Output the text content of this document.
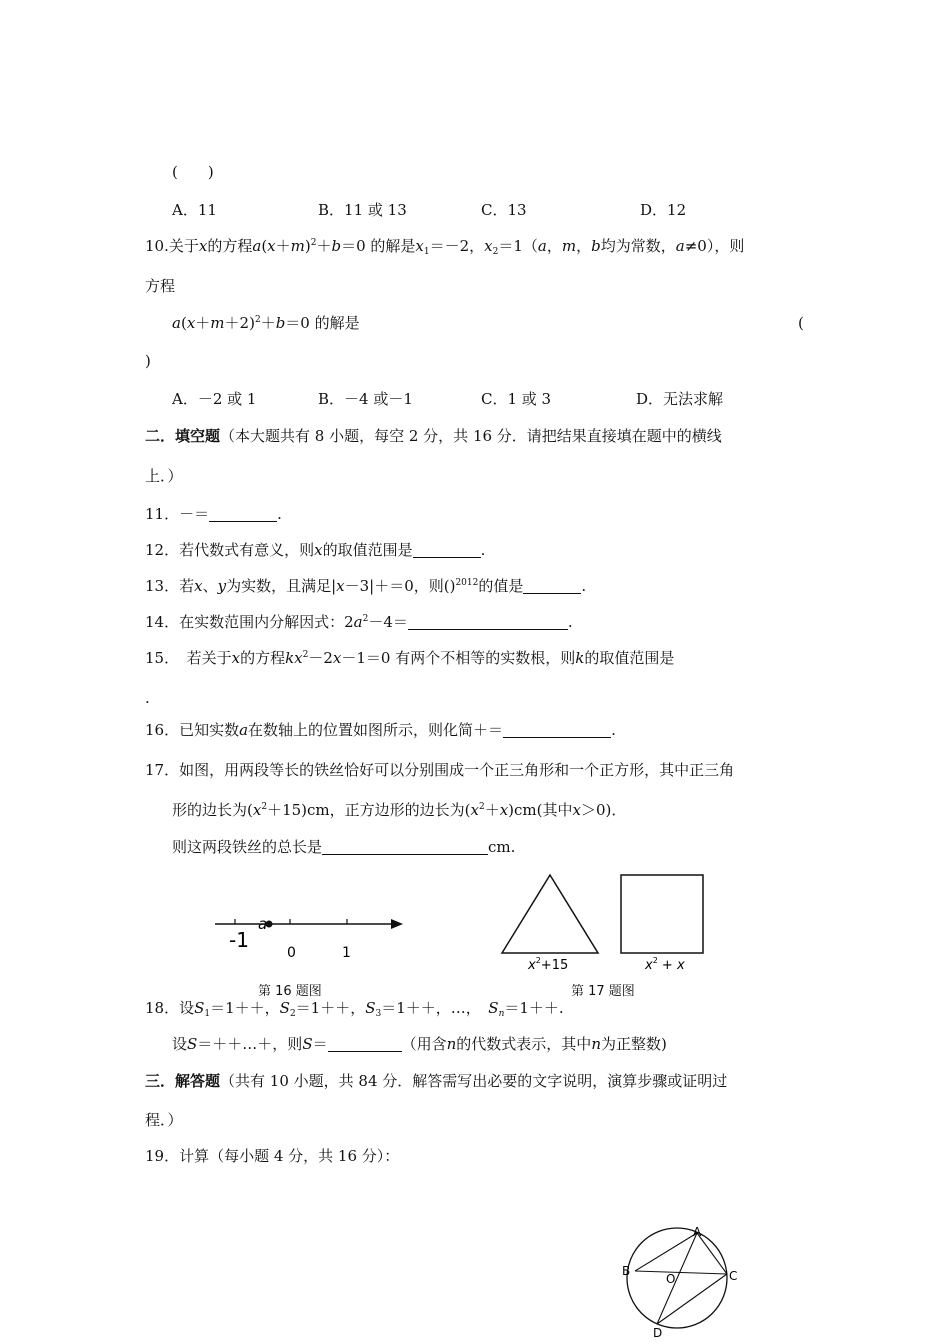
(　　)
A．11	B．11 或 13	C．13	D．12
10.关于x的方程$a(x+m)^2+b=0$ 的解是$x_1=-2$，$x_2=1(a$，m，b均为常数，a≠0），则
方程
$a(x+m+2)^2+b=0$ 的解是	(
)
A．－2 或 1	B．－4 或－1	C．1 或 3	D．无法求解
二．填空题（本大题共有 8 小题，每空 2 分，共 16 分．请把结果直接填在题中的横线
上．）
11．－＝	.
12．若代数式有意义，则x的取值范围是	.
13．若x、y为实数，且满足|x－3|＋＝0，则()$^{2012}$的值是	.
14．在实数范围内分解因式：$2a^2-4=$	.
15．　若关于x的方程$kx^2-2x-1=0$ 有两个不相等的实数根，则k的取值范围是
.
16．已知实数a在数轴上的位置如图所示，则化简＋＝	.
17．如图，用两段等长的铁丝恰好可以分别围成一个正三角形和一个正方形，其中正三角
形的边长为$(x^2+15)cm$，正方边形的边长为$(x^2+x)cm$(其中x＞0)．
则这两段铁丝的总长是	cm.
a
-1
0	1
第 16 题图
$x^2+15$	$x^2 + x$
第 17 题图
18．设$S_1=1++$，$S_2=1++$，$S_3=1++$，…，　$S_n=1++$.
设S＝＋＋…＋，则S＝	（用含n的代数式表示，其中n为正整数)
三．解答题（共有 10 小题，共 84 分．解答需写出必要的文字说明，演算步骤或证明过
程．）
19．计算（每小题 4 分，共 16 分）：
A
B	C
D
O
